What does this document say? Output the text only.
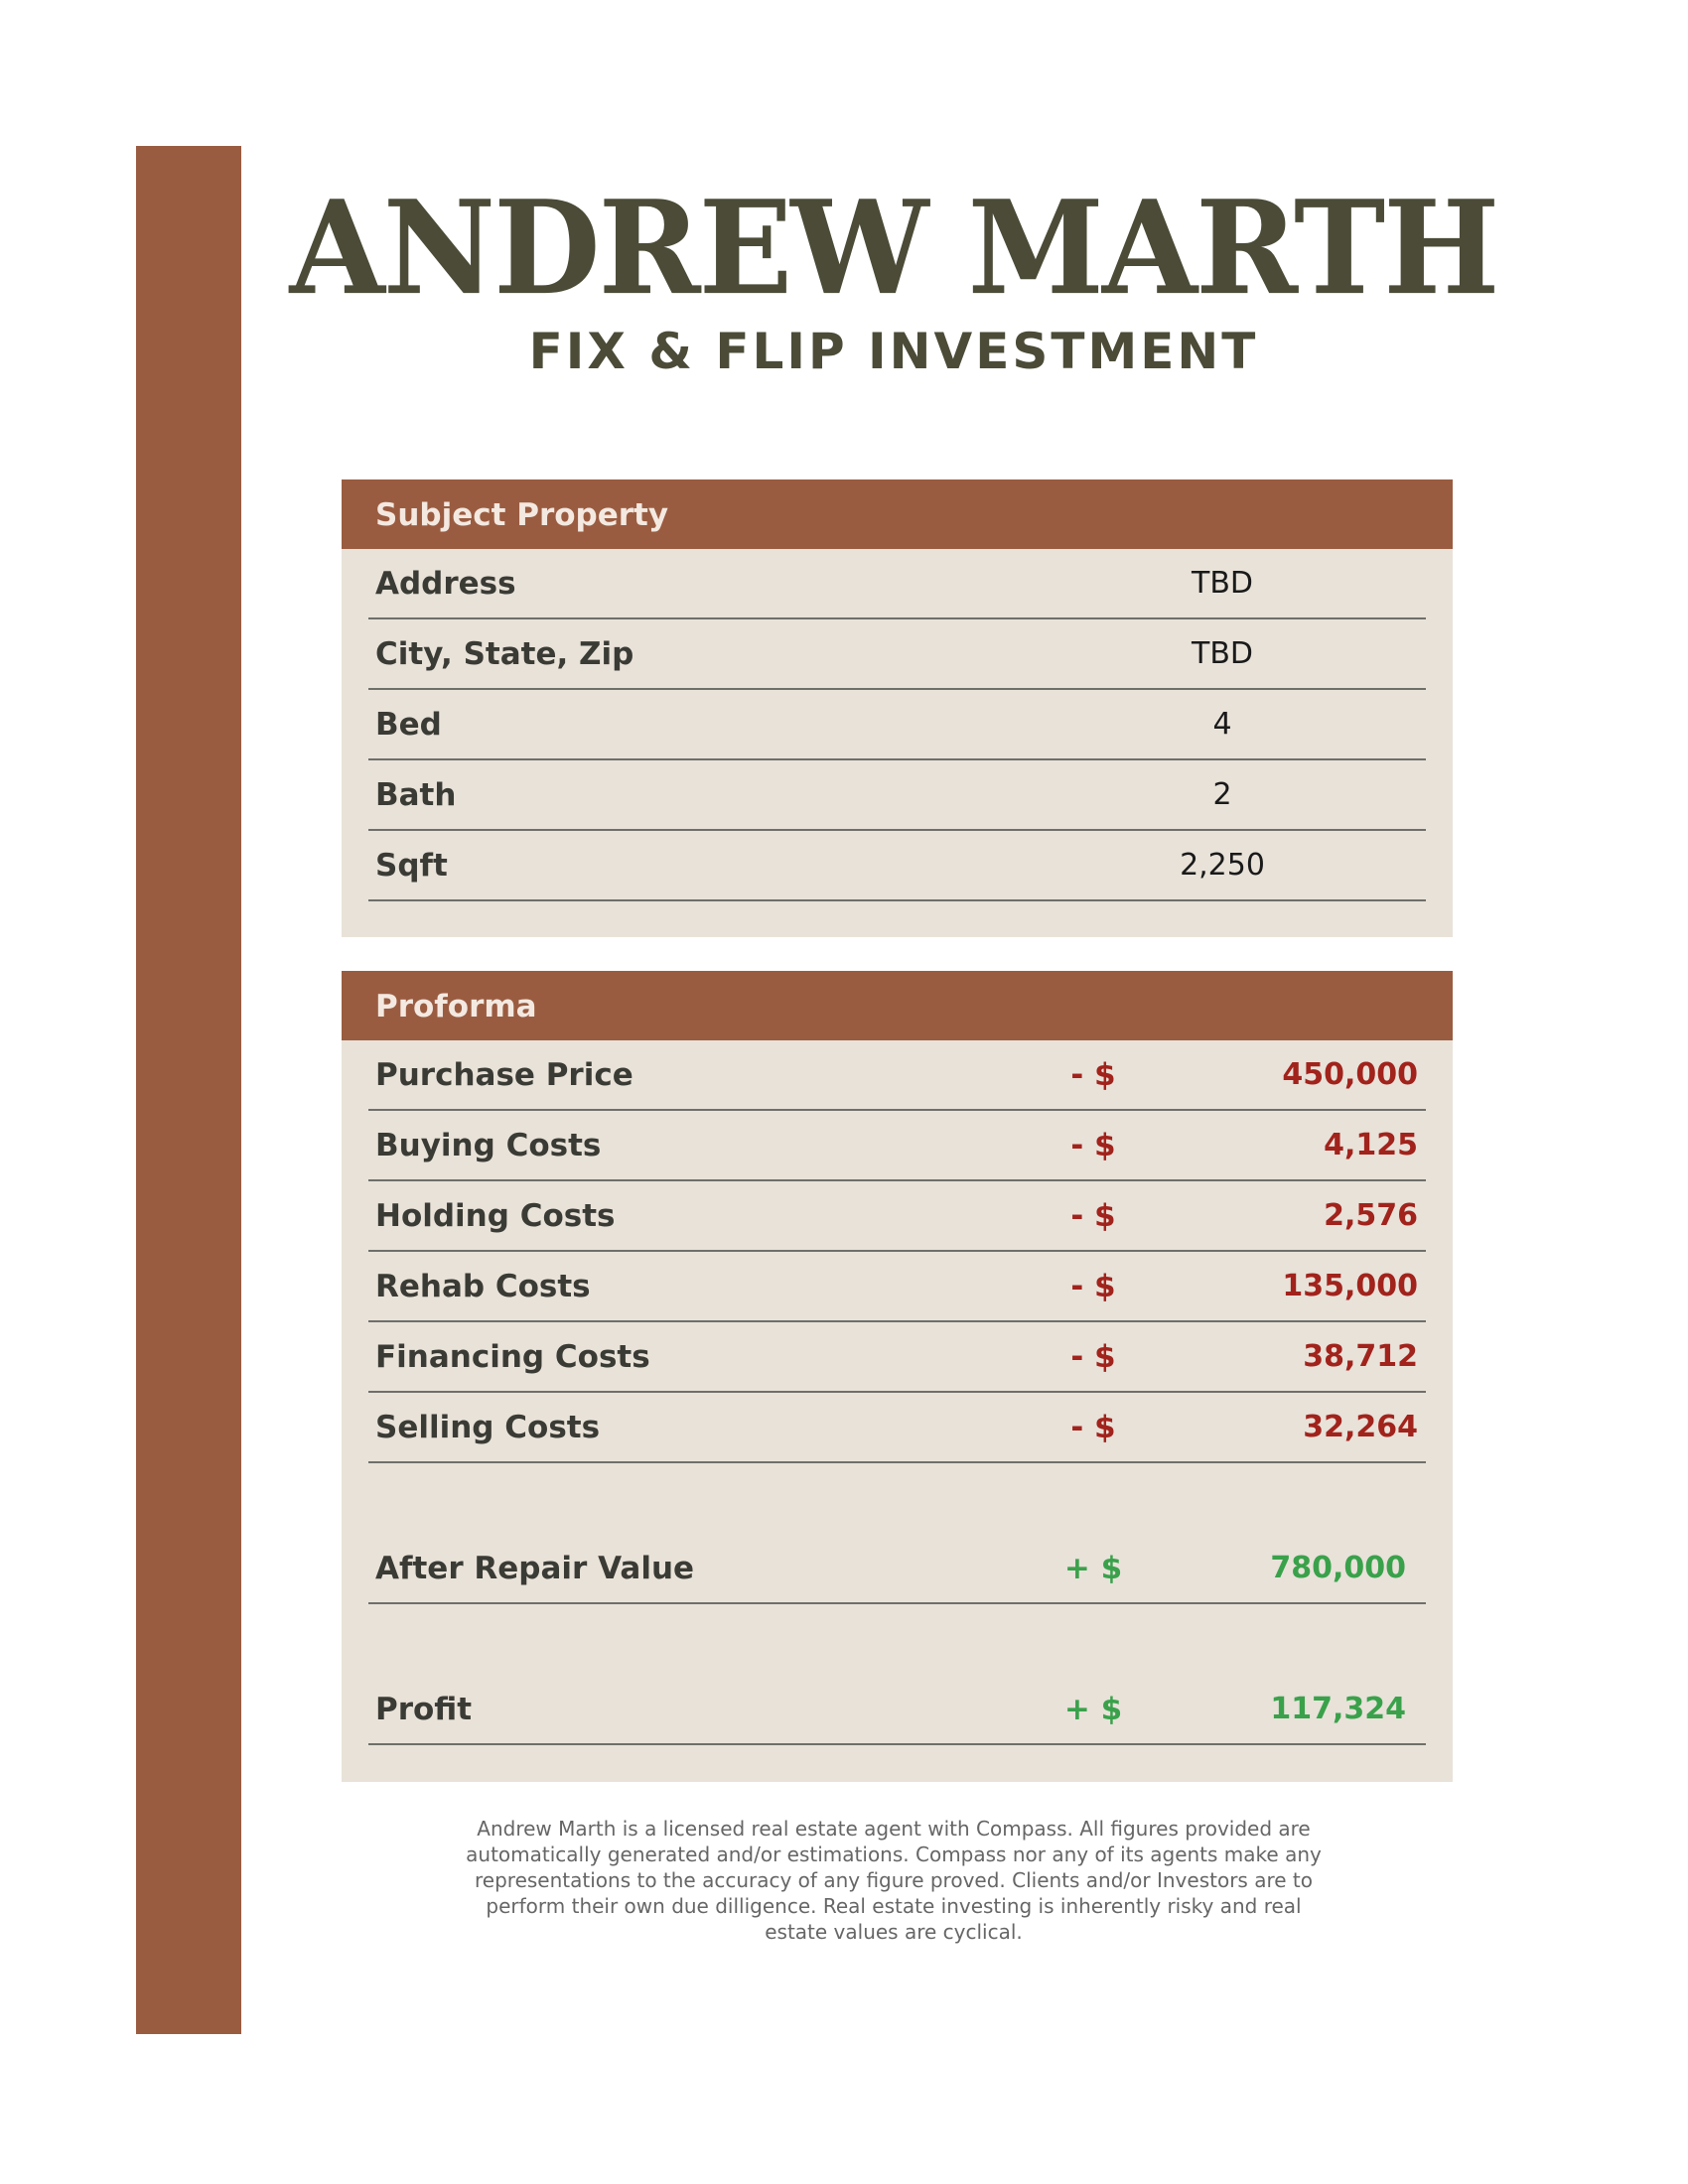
ANDREW MARTH
FIX & FLIP INVESTMENT
Subject Property
Address	TBD
City, State, Zip	TBD
Bed	4
Bath	2
Sqft	2,250
Proforma
Purchase Price	- $	450,000
Buying Costs	- $	4,125
Holding Costs	- $	2,576
Rehab Costs	- $	135,000
Financing Costs	- $	38,712
Selling Costs	- $	32,264
After Repair Value	+ $	780,000
Profit	+ $	117,324
Andrew Marth is a licensed real estate agent with Compass. All figures provided are automatically generated and/or estimations. Compass nor any of its agents make any representations to the accuracy of any figure proved. Clients and/or Investors are to perform their own due dilligence. Real estate investing is inherently risky and real estate values are cyclical.
